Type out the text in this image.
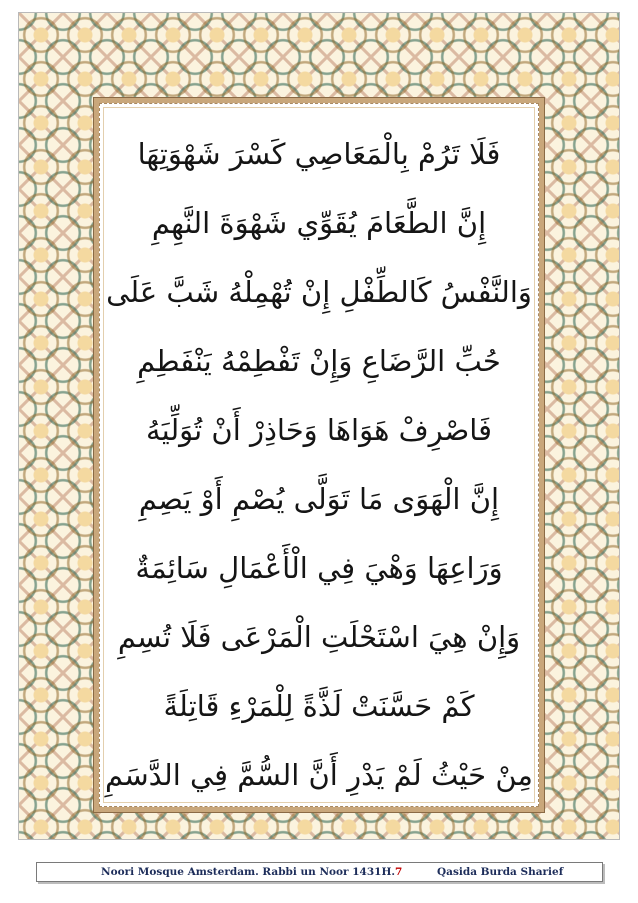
فَلَا تَرُمْ بِالْمَعَاصِي كَسْرَ شَهْوَتِهَا
إِنَّ الطَّعَامَ يُقَوِّي شَهْوَةَ النَّهِمِ
وَالنَّفْسُ كَالطِّفْلِ إِنْ تُهْمِلْهُ شَبَّ عَلَى
حُبِّ الرَّضَاعِ وَإِنْ تَفْطِمْهُ يَنْفَطِمِ
فَاصْرِفْ هَوَاهَا وَحَاذِرْ أَنْ تُوَلِّيَهُ
إِنَّ الْهَوَى مَا تَوَلَّى يُصْمِ أَوْ يَصِمِ
وَرَاعِهَا وَهْيَ فِي الْأَعْمَالِ سَائِمَةٌ
وَإِنْ هِيَ اسْتَحْلَتِ الْمَرْعَى فَلَا تُسِمِ
كَمْ حَسَّنَتْ لَذَّةً لِلْمَرْءِ قَاتِلَةً
مِنْ حَيْثُ لَمْ يَدْرِ أَنَّ السُّمَّ فِي الدَّسَمِ
Noori Mosque Amsterdam. Rabbi un Noor 1431H. 7	Qasida Burda Sharief
